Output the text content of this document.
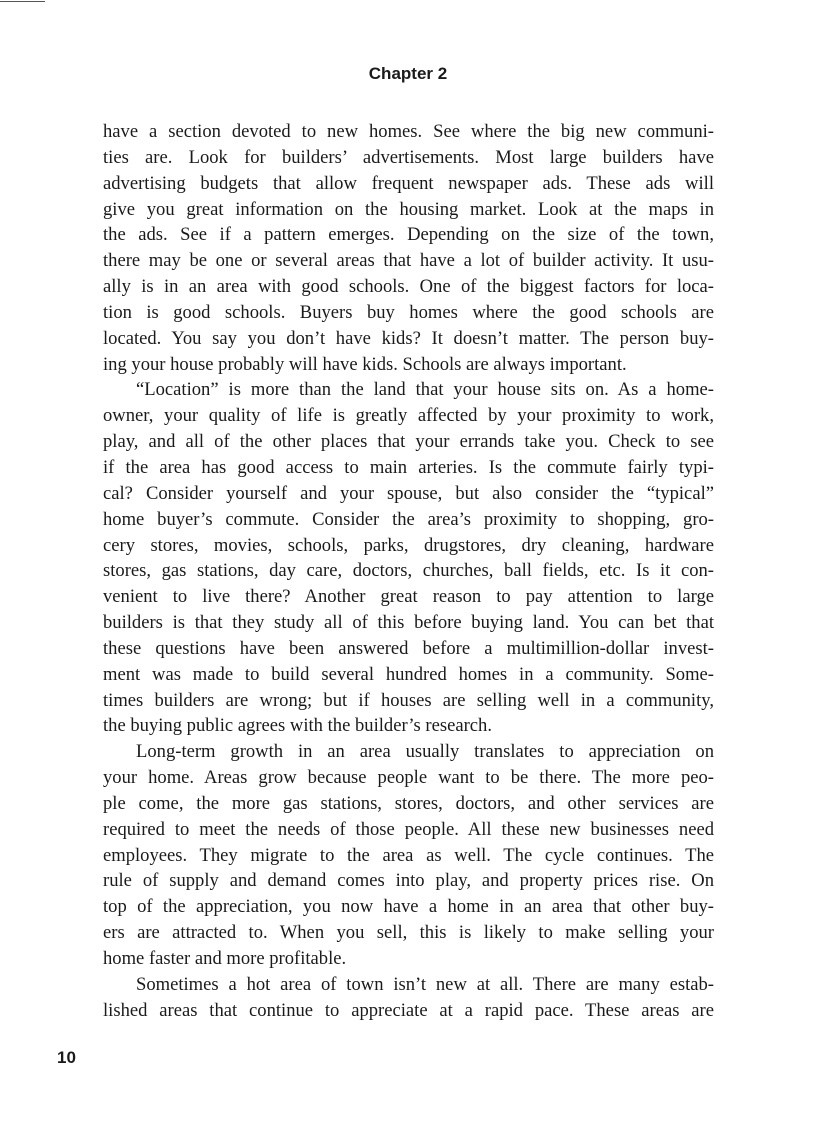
Chapter 2
have a section devoted to new homes. See where the big new communi-
ties are. Look for builders’ advertisements. Most large builders have
advertising budgets that allow frequent newspaper ads. These ads will
give you great information on the housing market. Look at the maps in
the ads. See if a pattern emerges. Depending on the size of the town,
there may be one or several areas that have a lot of builder activity. It usu-
ally is in an area with good schools. One of the biggest factors for loca-
tion is good schools. Buyers buy homes where the good schools are
located. You say you don’t have kids? It doesn’t matter. The person buy-
ing your house probably will have kids. Schools are always important.
“Location” is more than the land that your house sits on. As a home-
owner, your quality of life is greatly affected by your proximity to work,
play, and all of the other places that your errands take you. Check to see
if the area has good access to main arteries. Is the commute fairly typi-
cal? Consider yourself and your spouse, but also consider the “typical”
home buyer’s commute. Consider the area’s proximity to shopping, gro-
cery stores, movies, schools, parks, drugstores, dry cleaning, hardware
stores, gas stations, day care, doctors, churches, ball fields, etc. Is it con-
venient to live there? Another great reason to pay attention to large
builders is that they study all of this before buying land. You can bet that
these questions have been answered before a multimillion-dollar invest-
ment was made to build several hundred homes in a community. Some-
times builders are wrong; but if houses are selling well in a community,
the buying public agrees with the builder’s research.
Long-term growth in an area usually translates to appreciation on
your home. Areas grow because people want to be there. The more peo-
ple come, the more gas stations, stores, doctors, and other services are
required to meet the needs of those people. All these new businesses need
employees. They migrate to the area as well. The cycle continues. The
rule of supply and demand comes into play, and property prices rise. On
top of the appreciation, you now have a home in an area that other buy-
ers are attracted to. When you sell, this is likely to make selling your
home faster and more profitable.
Sometimes a hot area of town isn’t new at all. There are many estab-
lished areas that continue to appreciate at a rapid pace. These areas are
10
